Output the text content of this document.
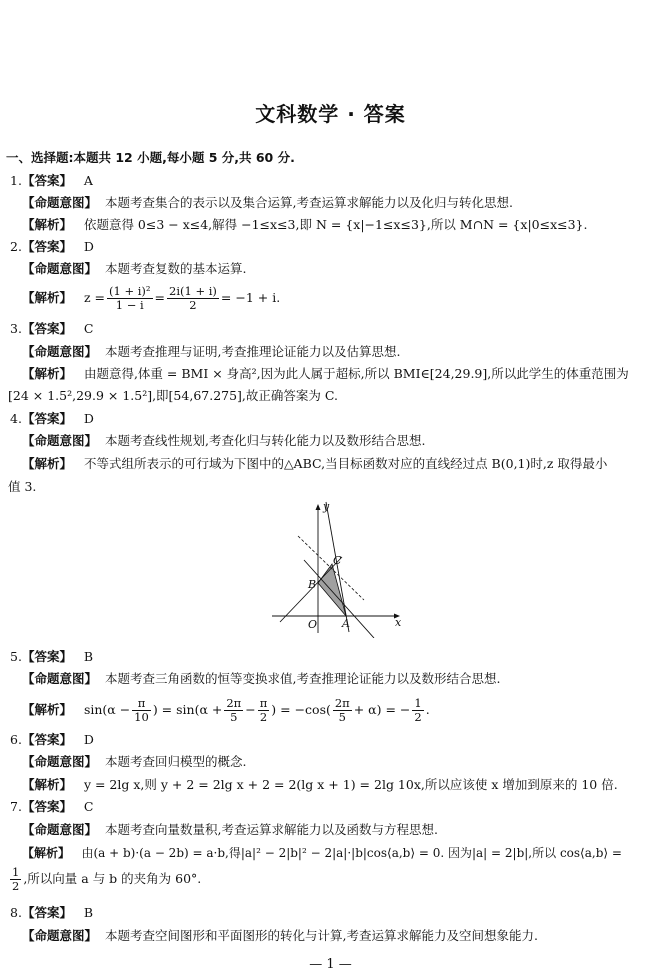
文科数学 · 答案
一、选择题:本题共 12 小题,每小题 5 分,共 60 分.
1.【答案】 A
【命题意图】 本题考查集合的表示以及集合运算,考查运算求解能力以及化归与转化思想.
【解析】 依题意得 0≤3 − x≤4,解得 −1≤x≤3,即 N = {x|−1≤x≤3},所以 M∩N = {x|0≤x≤3}.
2.【答案】 D
【命题意图】 本题考查复数的基本运算.
【解析】 $z = \frac{\text{(1 + i)²}}{1 - i} = \frac{2i(1 + i)}{2} = -1 + i$.
3.【答案】 C
【命题意图】 本题考查推理与证明,考查推理论证能力以及估算思想.
【解析】 由题意得,体重 = BMI × 身高²,因为此人属于超标,所以 BMI∈[24,29.9],所以此学生的体重范围为
[24 × 1.5²,29.9 × 1.5²],即[54,67.275],故正确答案为 C.
4.【答案】 D
【命题意图】 本题考查线性规划,考查化归与转化能力以及数形结合思想.
【解析】 不等式组所表示的可行域为下图中的△ABC,当目标函数对应的直线经过点 B(0,1)时,z 取得最小
值 3.
x
y
O A
B
C
5.【答案】 B
【命题意图】 本题考查三角函数的恒等变换求值,考查推理论证能力以及数形结合思想.
【解析】 $\sin(\alpha - \frac{\pi}{10}$ ) = $\sin(\alpha + \frac{2\pi}{5} - \frac{\pi}{2}$ ) = $-\cos( \frac{2\pi}{5} + \alpha)$ = − $\frac{1}{2}$ .
6.【答案】 D
【命题意图】 本题考查回归模型的概念.
【解析】 y = 2lg x,则 y + 2 = 2lg x + 2 = 2(lg x + 1) = 2lg 10x,所以应该使 x 增加到原来的 10 倍.
7.【答案】 C
【命题意图】 本题考查向量数量积,考查运算求解能力以及函数与方程思想.
【解析】 由(a + b)·(a − 2b) = a·b,得|a|² − 2|b|² − 2|a|·|b|cos⟨a,b⟩ = 0. 因为|a| = 2|b|,所以 cos⟨a,b⟩ =
$\frac{1}{2}$ ,所以向量 a 与 b 的夹角为 60°.
8.【答案】 B
【命题意图】 本题考查空间图形和平面图形的转化与计算,考查运算求解能力及空间想象能力.
— 1 —
